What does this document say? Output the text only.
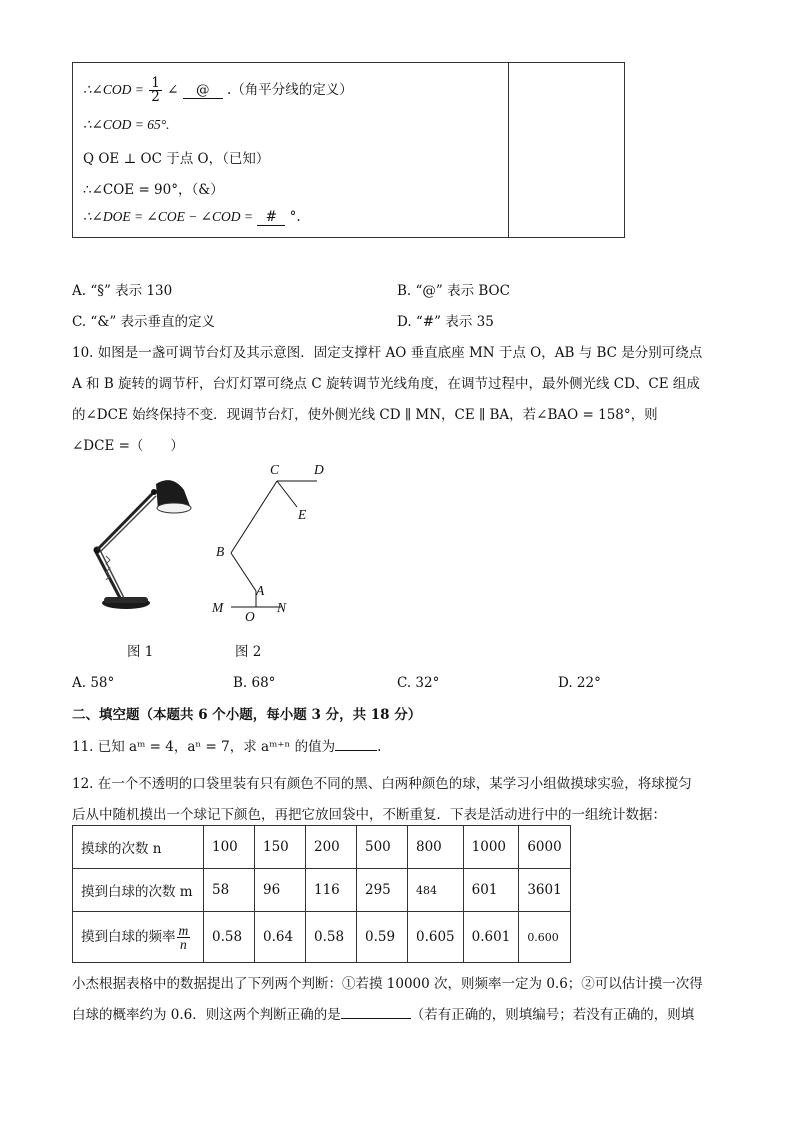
∴∠COD = $\frac{1}{2}$ ∠ @ .（角平分线的定义）
∴∠COD = 65°.
Q OE ⊥ OC 于点 O，（已知）
∴∠COE = 90°，（&）
∴∠DOE = ∠COE − ∠COD = # °.
A. “§” 表示 130	B. “@” 表示 BOC
C. “&” 表示垂直的定义	D. “#” 表示 35
10. 如图是一盏可调节台灯及其示意图．固定支撑杆 AO 垂直底座 MN 于点 O，AB 与 BC 是分别可绕点
A 和 B 旋转的调节杆，台灯灯罩可绕点 C 旋转调节光线角度，在调节过程中，最外侧光线 CD、CE 组成
的∠DCE 始终保持不变．现调节台灯，使外侧光线 CD ∥ MN，CE ∥ BA，若∠BAO = 158°，则
∠DCE =（　　）
图 1
C	D
E
B
A
M
O
N
图 2
A. 58°	B. 68°	C. 32°	D. 22°
二、填空题（本题共 6 个小题，每小题 3 分，共 18 分）
11. 已知 aᵐ = 4，aⁿ = 7，求 aᵐ⁺ⁿ 的值为	.
12. 在一个不透明的口袋里装有只有颜色不同的黑、白两种颜色的球，某学习小组做摸球实验，将球搅匀
后从中随机摸出一个球记下颜色，再把它放回袋中，不断重复．下表是活动进行中的一组统计数据：
摸球的次数 n	100	150	200	500	800	1000	6000
摸到白球的次数 m	58	96	116	295	484	601	3601
摸到白球的频率 $\frac{m}{n}$	0.58	0.64	0.58	0.59	0.605	0.601	0.600
小杰根据表格中的数据提出了下列两个判断：①若摸 10000 次，则频率一定为 0.6；②可以估计摸一次得
白球的概率约为 0.6．则这两个判断正确的是	（若有正确的，则填编号；若没有正确的，则填
